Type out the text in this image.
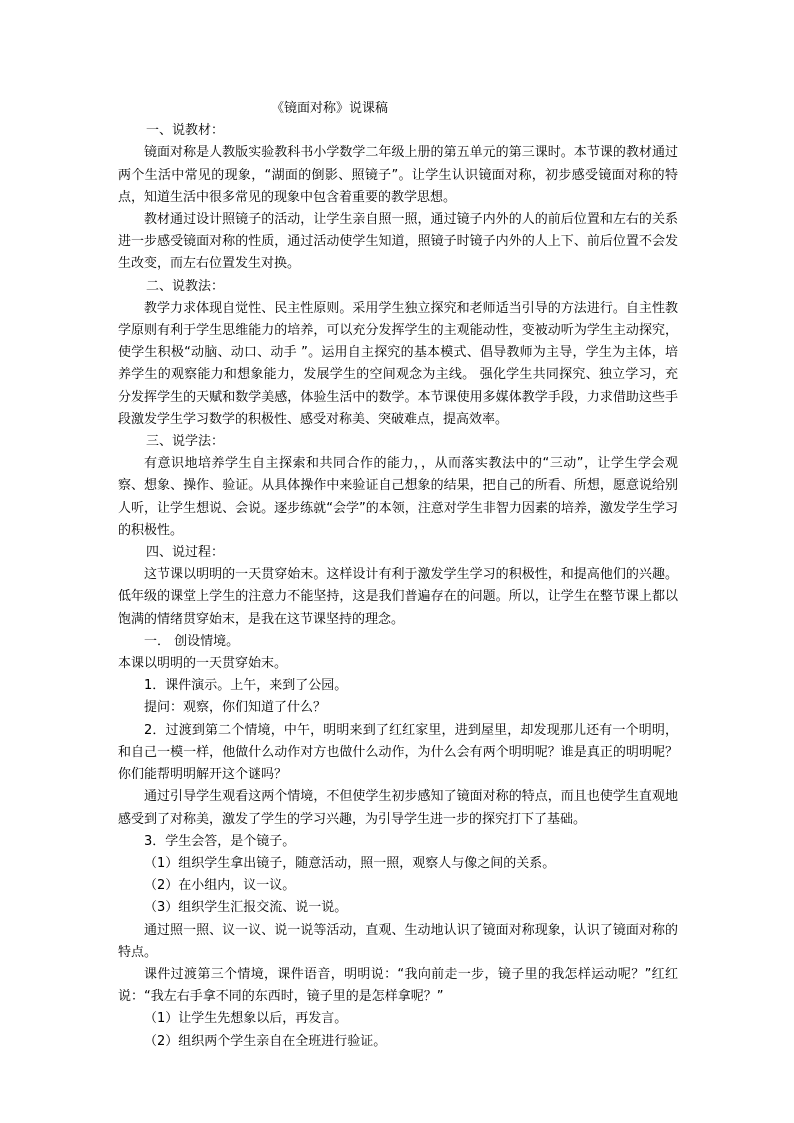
《镜面对称》说课稿

一、说教材：

镜面对称是人教版实验教科书小学数学二年级上册的第五单元的第三课时。本节课的教材通过两个生活中常见的现象，“湖面的倒影、照镜子”。让学生认识镜面对称，初步感受镜面对称的特点，知道生活中很多常见的现象中包含着重要的教学思想。

教材通过设计照镜子的活动，让学生亲自照一照，通过镜子内外的人的前后位置和左右的关系进一步感受镜面对称的性质，通过活动使学生知道，照镜子时镜子内外的人上下、前后位置不会发生改变，而左右位置发生对换。

二、说教法：

教学力求体现自觉性、民主性原则。采用学生独立探究和老师适当引导的方法进行。自主性教学原则有利于学生思维能力的培养，可以充分发挥学生的主观能动性，变被动听为学生主动探究，使学生积极“动脑、动口、动手 ”。运用自主探究的基本模式、倡导教师为主导，学生为主体，培养学生的观察能力和想象能力，发展学生的空间观念为主线。 强化学生共同探究、独立学习，充分发挥学生的天赋和数学美感，体验生活中的数学。本节课使用多媒体教学手段，力求借助这些手段激发学生学习数学的积极性、感受对称美、突破难点，提高效率。

三、说学法：

有意识地培养学生自主探索和共同合作的能力，，从而落实教法中的“三动”，让学生学会观察、想象、操作、验证。从具体操作中来验证自己想象的结果，把自己的所看、所想，愿意说给别人听，让学生想说、会说。逐步练就“会学”的本领，注意对学生非智力因素的培养，激发学生学习的积极性。

四、说过程：

这节课以明明的一天贯穿始末。这样设计有利于激发学生学习的积极性，和提高他们的兴趣。低年级的课堂上学生的注意力不能坚持，这是我们普遍存在的问题。所以，让学生在整节课上都以饱满的情绪贯穿始末，是我在这节课坚持的理念。

一． 创设情境。

本课以明明的一天贯穿始末。

1．课件演示。上午，来到了公园。

提问：观察，你们知道了什么？

2．过渡到第二个情境，中午，明明来到了红红家里，进到屋里，却发现那儿还有一个明明，和自己一模一样，他做什么动作对方也做什么动作，为什么会有两个明明呢？谁是真正的明明呢？你们能帮明明解开这个谜吗？

通过引导学生观看这两个情境，不但使学生初步感知了镜面对称的特点，而且也使学生直观地感受到了对称美，激发了学生的学习兴趣，为引导学生进一步的探究打下了基础。

3．学生会答，是个镜子。

（1）组织学生拿出镜子，随意活动，照一照，观察人与像之间的关系。

（2）在小组内，议一议。

（3）组织学生汇报交流、说一说。

通过照一照、议一议、说一说等活动，直观、生动地认识了镜面对称现象，认识了镜面对称的特点。

课件过渡第三个情境，课件语音，明明说：“我向前走一步，镜子里的我怎样运动呢？”红红说：“我左右手拿不同的东西时，镜子里的是怎样拿呢？”

（1）让学生先想象以后，再发言。

（2）组织两个学生亲自在全班进行验证。
